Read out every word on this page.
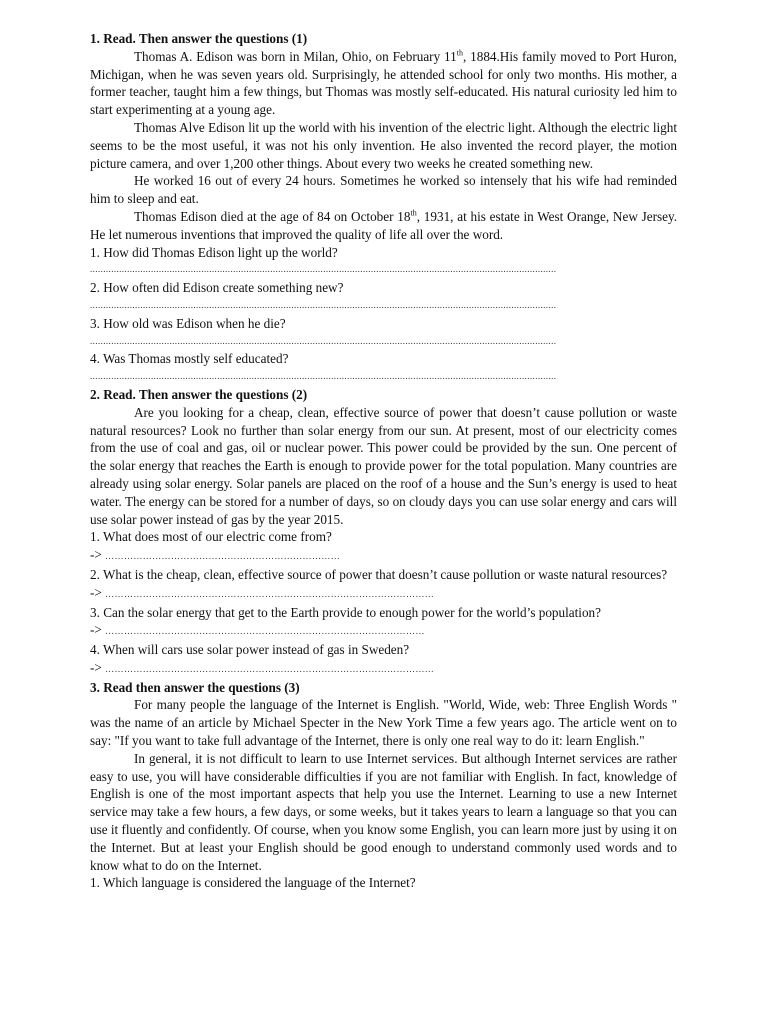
1. Read. Then answer the questions (1)

Thomas A. Edison was born in Milan, Ohio, on February 11th, 1884.His family moved to Port Huron, Michigan, when he was seven years old. Surprisingly, he attended school for only two months. His mother, a former teacher, taught him a few things, but Thomas was mostly self-educated. His natural curiosity led him to start experimenting at a young age.

Thomas Alve Edison lit up the world with his invention of the electric light. Although the electric light seems to be the most useful, it was not his only invention. He also invented the record player, the motion picture camera, and over 1,200 other things. About every two weeks he created something new.

He worked 16 out of every 24 hours. Sometimes he worked so intensely that his wife had reminded him to sleep and eat.

Thomas Edison died at the age of 84 on October 18th, 1931, at his estate in West Orange, New Jersey. He let numerous inventions that improved the quality of life all over the word.

1. How did Thomas Edison light up the world?

................................................................................................................................................................................

2. How often did Edison create something new?

................................................................................................................................................................................

3. How old was Edison when he die?

................................................................................................................................................................................

4. Was Thomas mostly self educated?

................................................................................................................................................................................

2. Read. Then answer the questions (2)

Are you looking for a cheap, clean, effective source of power that doesn’t cause pollution or waste natural resources? Look no further than solar energy from our sun. At present, most of our electricity comes from the use of coal and gas, oil or nuclear power. This power could be provided by the sun. One percent of the solar energy that reaches the Earth is enough to provide power for the total population. Many countries are already using solar energy. Solar panels are placed on the roof of a house and the Sun’s energy is used to heat water. The energy can be stored for a number of days, so on cloudy days you can use solar energy and cars will use solar power instead of gas by the year 2015.

1. What does most of our electric come from?

-> …………………………………………………………………

2. What is the cheap, clean, effective source of power that doesn’t cause pollution or waste natural resources?

-> ……………………………………………………………………………………………

3. Can the solar energy that get to the Earth provide to enough power for the world’s population?

-> …………………………………………………………………………………………

4. When will cars use solar power instead of gas in Sweden?

-> ……………………………………………………………………………………………

3. Read then answer the questions (3)

For many people the language of the Internet is English. "World, Wide, web: Three English Words " was the name of an article by Michael Specter in the New York Time a few years ago. The article went on to say: "If you want to take full advantage of the Internet, there is only one real way to do it: learn English."

In general, it is not difficult to learn to use Internet services. But although Internet services are rather easy to use, you will have considerable difficulties if you are not familiar with English. In fact, knowledge of English is one of the most important aspects that help you use the Internet. Learning to use a new Internet service may take a few hours, a few days, or some weeks, but it takes years to learn a language so that you can use it fluently and confidently. Of course, when you know some English, you can learn more just by using it on the Internet. But at least your English should be good enough to understand commonly used words and to know what to do on the Internet.

1. Which language is considered the language of the Internet?
